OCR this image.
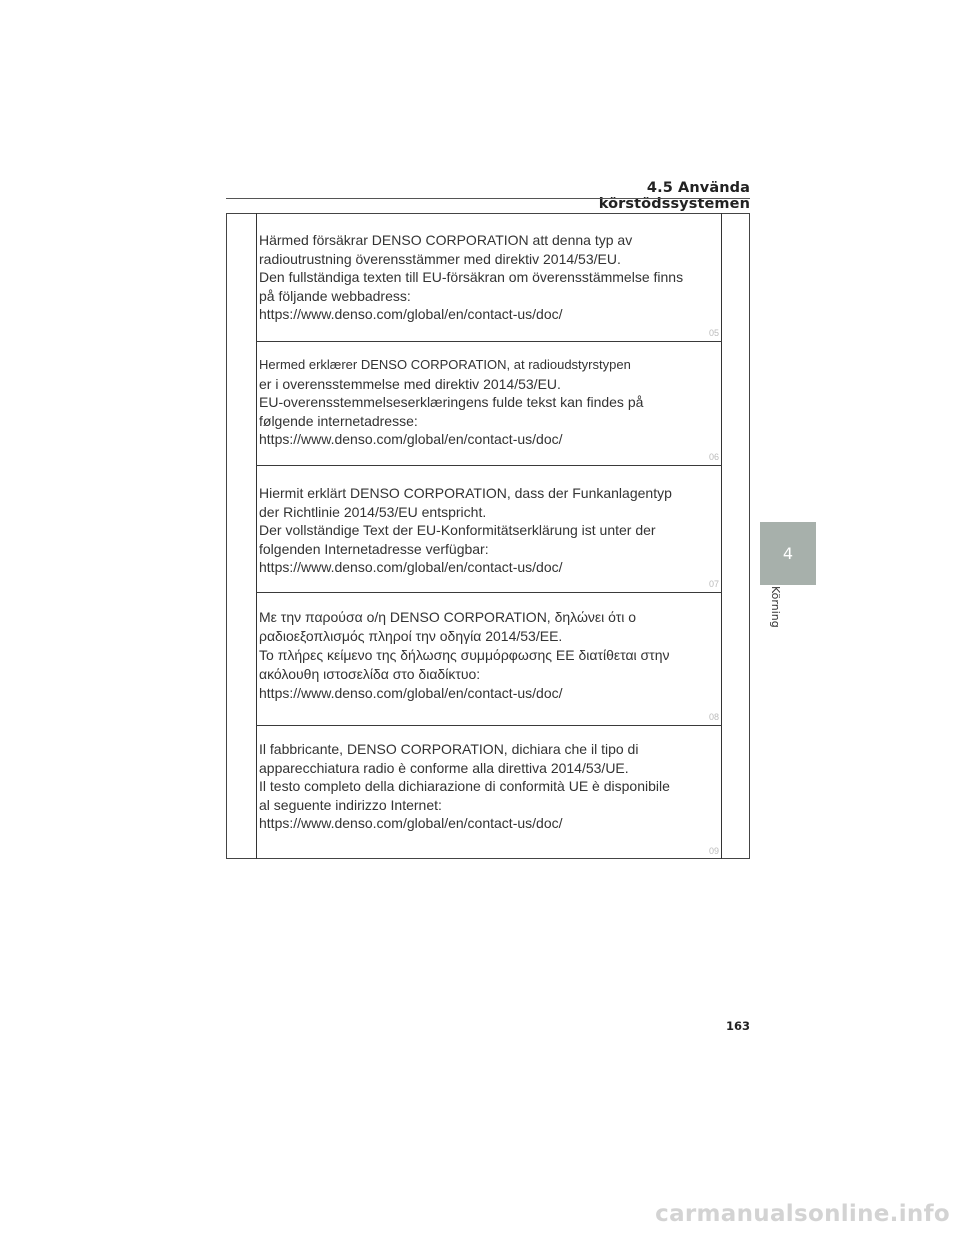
4.5 Använda körstödssystemen
Härmed försäkrar DENSO CORPORATION att denna typ av
radioutrustning överensstämmer med direktiv 2014/53/EU.
Den fullständiga texten till EU-försäkran om överensstämmelse finns
på följande webbadress:
https://www.denso.com/global/en/contact-us/doc/
05
Hermed erklærer DENSO CORPORATION, at radioudstyrstypen
er i overensstemmelse med direktiv 2014/53/EU.
EU-overensstemmelseserklæringens fulde tekst kan findes på
følgende internetadresse:
https://www.denso.com/global/en/contact-us/doc/
06
Hiermit erklärt DENSO CORPORATION, dass der Funkanlagentyp
der Richtlinie 2014/53/EU entspricht.
Der vollständige Text der EU-Konformitätserklärung ist unter der
folgenden Internetadresse verfügbar:
https://www.denso.com/global/en/contact-us/doc/
07
Με την παρούσα ο/η DENSO CORPORATION, δηλώνει ότι ο
ραδιοεξοπλισμός πληροί την οδηγία 2014/53/ΕΕ.
Το πλήρες κείμενο της δήλωσης συμμόρφωσης ΕΕ διατίθεται στην
ακόλουθη ιστοσελίδα στο διαδίκτυο:
https://www.denso.com/global/en/contact-us/doc/
08
Il fabbricante, DENSO CORPORATION, dichiara che il tipo di
apparecchiatura radio è conforme alla direttiva 2014/53/UE.
Il testo completo della dichiarazione di conformità UE è disponibile
al seguente indirizzo Internet:
https://www.denso.com/global/en/contact-us/doc/
09
4
Körning
163
carmanualsonline.info
